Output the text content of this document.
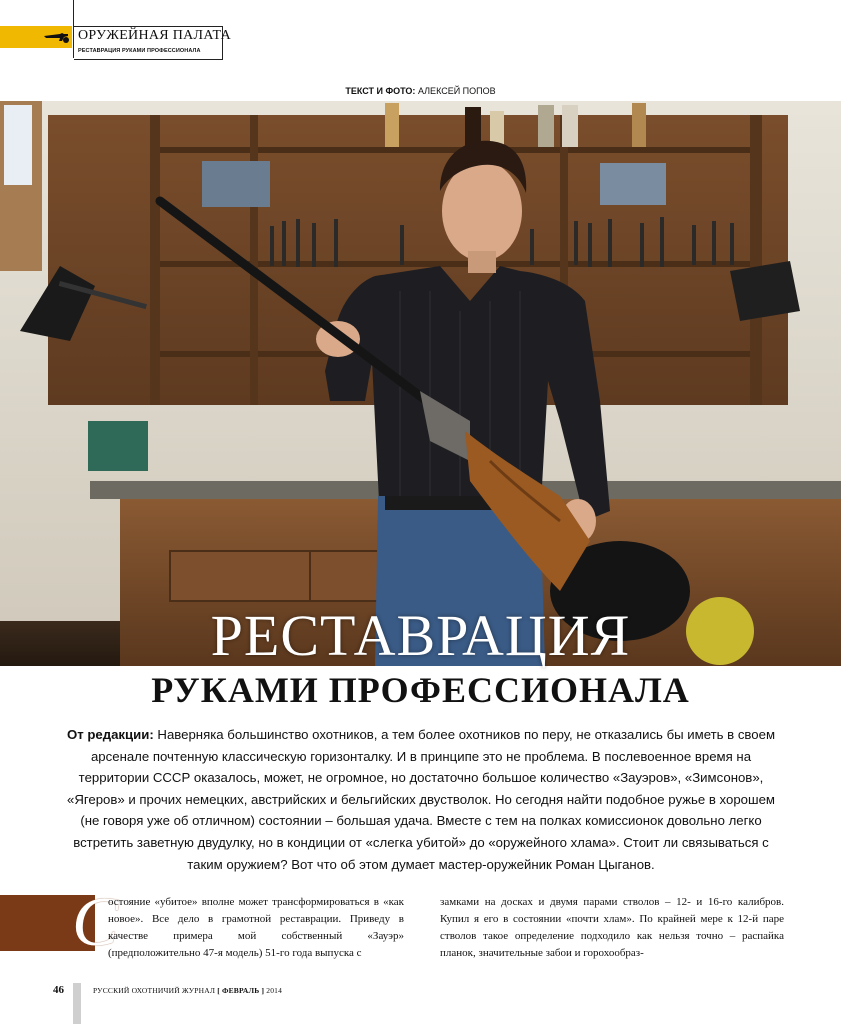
ОРУЖЕЙНАЯ ПАЛАТА
РЕСТАВРАЦИЯ РУКАМИ ПРОФЕССИОНАЛА
ТЕКСТ И ФОТО: АЛЕКСЕЙ ПОПОВ
РЕСТАВРАЦИЯ
РУКАМИ ПРОФЕССИОНАЛА
От редакции: Наверняка большинство охотников, а тем более охотников по перу, не отказались бы иметь в своем арсенале почтенную классическую горизонталку. И в принципе это не проблема. В послевоенное время на территории СССР оказалось, может, не огромное, но достаточно большое количество «Зауэров», «Зимсонов», «Ягеров» и прочих немецких, австрийских и бельгийских двустволок. Но сегодня найти подобное ружье в хорошем (не говоря уже об отличном) состоянии – большая удача. Вместе с тем на полках комиссионок довольно легко встретить заветную двудулку, но в кондиции от «слегка убитой» до «оружейного хлама». Стоит ли связываться с таким оружием? Вот что об этом думает мастер-оружейник Роман Цыганов.
С

остояние «убитое» вполне может трансформироваться в «как новое». Все дело в грамотной реставрации. Приведу в качестве примера мой собственный «Зауэр» (предположительно 47-я модель) 51-го года выпуска с

замками на досках и двумя парами стволов – 12- и 16-го калибров. Купил я его в состоянии «почти хлам». По крайней мере к 12-й паре стволов такое определение подходило как нельзя точно – распайка планок, значительные забои и горохообраз-

46	РУССКИЙ ОХОТНИЧИЙ ЖУРНАЛ [ ФЕВРАЛЬ ] 2014
